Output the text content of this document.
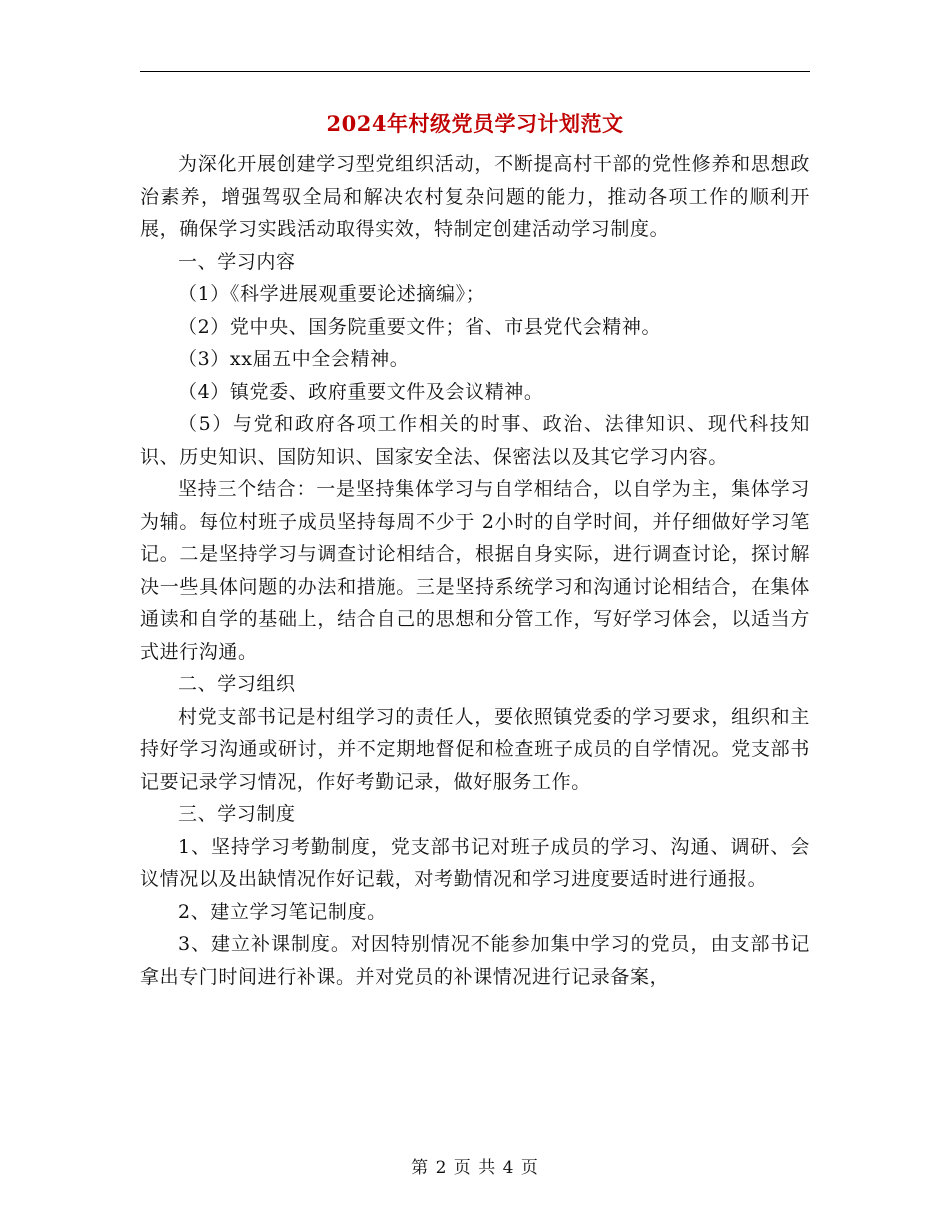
2024年村级党员学习计划范文

为深化开展创建学习型党组织活动，不断提高村干部的党性修养和思想政治素养，增强驾驭全局和解决农村复杂问题的能力，推动各项工作的顺利开展，确保学习实践活动取得实效，特制定创建活动学习制度。

一、学习内容

（1）《科学进展观重要论述摘编》；

（2）党中央、国务院重要文件；省、市县党代会精神。

（3）xx届五中全会精神。

（4）镇党委、政府重要文件及会议精神。

（5）与党和政府各项工作相关的时事、政治、法律知识、现代科技知识、历史知识、国防知识、国家安全法、保密法以及其它学习内容。

坚持三个结合：一是坚持集体学习与自学相结合，以自学为主，集体学习为辅。每位村班子成员坚持每周不少于 2小时的自学时间，并仔细做好学习笔记。二是坚持学习与调查讨论相结合，根据自身实际，进行调查讨论，探讨解决一些具体问题的办法和措施。三是坚持系统学习和沟通讨论相结合，在集体通读和自学的基础上，结合自己的思想和分管工作，写好学习体会，以适当方式进行沟通。

二、学习组织

村党支部书记是村组学习的责任人，要依照镇党委的学习要求，组织和主持好学习沟通或研讨，并不定期地督促和检查班子成员的自学情况。党支部书记要记录学习情况，作好考勤记录，做好服务工作。

三、学习制度

1、坚持学习考勤制度，党支部书记对班子成员的学习、沟通、调研、会议情况以及出缺情况作好记载，对考勤情况和学习进度要适时进行通报。

2、建立学习笔记制度。

3、建立补课制度。对因特别情况不能参加集中学习的党员，由支部书记拿出专门时间进行补课。并对党员的补课情况进行记录备案，

第 2 页 共 4 页
